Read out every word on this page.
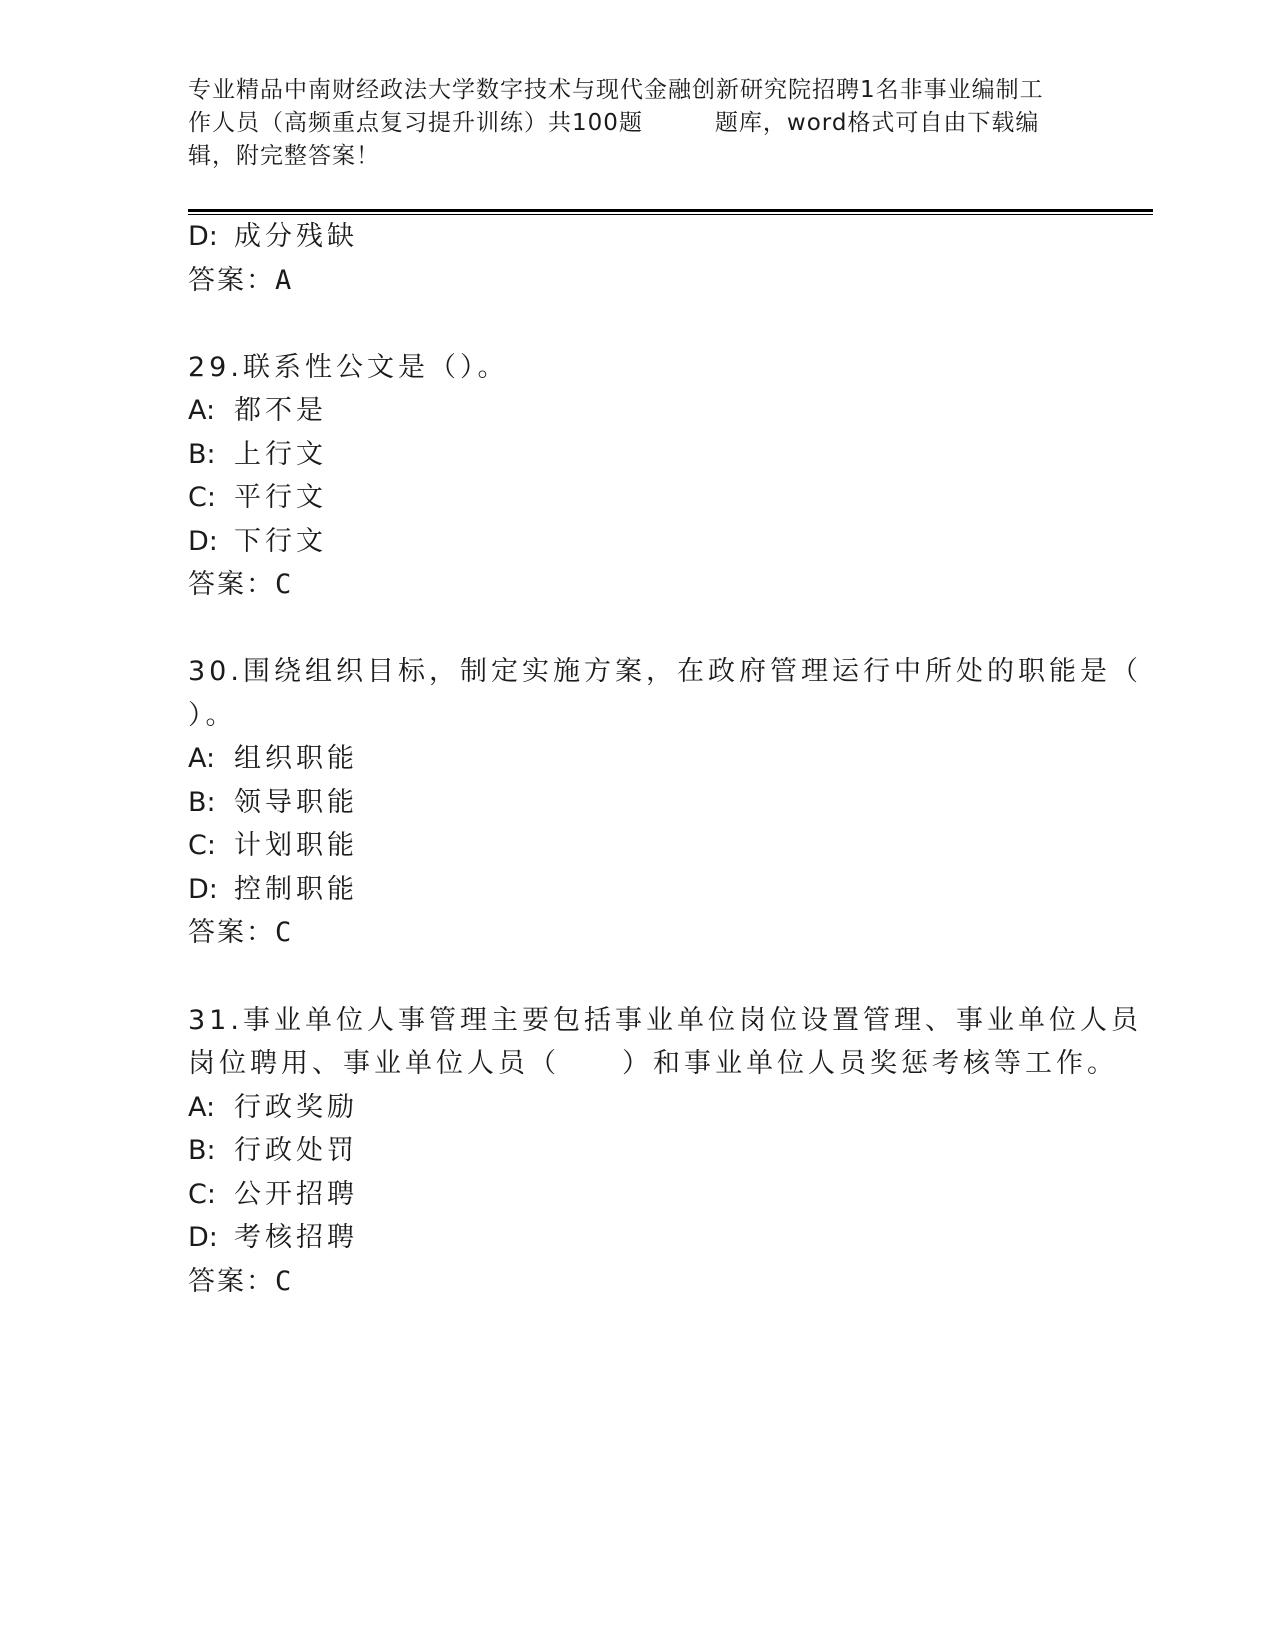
专业精品中南财经政法大学数字技术与现代金融创新研究院招聘1名非事业编制工
作人员（高频重点复习提升训练）共100题　　　题库，word格式可自由下载编
辑，附完整答案！
D: 成分残缺
答案：A
29.联系性公文是（）。
A: 都不是
B: 上行文
C: 平行文
D: 下行文
答案：C
30.围绕组织目标，制定实施方案，在政府管理运行中所处的职能是（
）。
A: 组织职能
B: 领导职能
C: 计划职能
D: 控制职能
答案：C
31.事业单位人事管理主要包括事业单位岗位设置管理、事业单位人员
岗位聘用、事业单位人员（　　）和事业单位人员奖惩考核等工作。
A: 行政奖励
B: 行政处罚
C: 公开招聘
D: 考核招聘
答案：C
